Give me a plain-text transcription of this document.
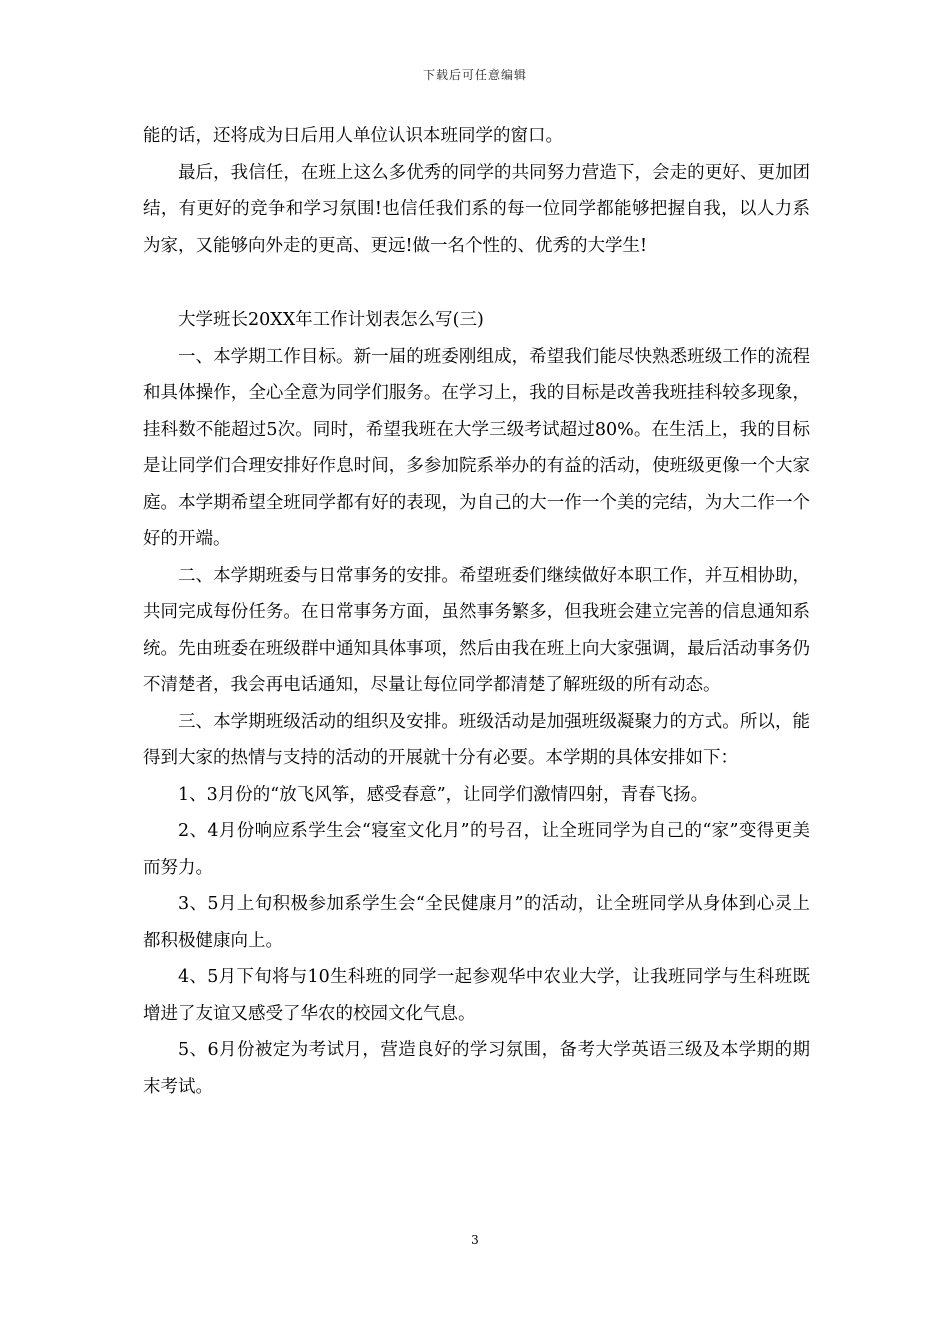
下载后可任意编辑

能的话，还将成为日后用人单位认识本班同学的窗口。

最后，我信任，在班上这么多优秀的同学的共同努力营造下，会走的更好、更加团结，有更好的竞争和学习氛围!也信任我们系的每一位同学都能够把握自我，以人力系为家，又能够向外走的更高、更远!做一名个性的、优秀的大学生!

大学班长20XX年工作计划表怎么写(三)

一、本学期工作目标。新一届的班委刚组成，希望我们能尽快熟悉班级工作的流程和具体操作，全心全意为同学们服务。在学习上，我的目标是改善我班挂科较多现象，挂科数不能超过5次。同时，希望我班在大学三级考试超过80%。在生活上，我的目标是让同学们合理安排好作息时间，多参加院系举办的有益的活动，使班级更像一个大家庭。本学期希望全班同学都有好的表现，为自己的大一作一个美的完结，为大二作一个好的开端。

二、本学期班委与日常事务的安排。希望班委们继续做好本职工作，并互相协助，共同完成每份任务。在日常事务方面，虽然事务繁多，但我班会建立完善的信息通知系统。先由班委在班级群中通知具体事项，然后由我在班上向大家强调，最后活动事务仍不清楚者，我会再电话通知，尽量让每位同学都清楚了解班级的所有动态。

三、本学期班级活动的组织及安排。班级活动是加强班级凝聚力的方式。所以，能得到大家的热情与支持的活动的开展就十分有必要。本学期的具体安排如下：

1、3月份的“放飞风筝，感受春意”，让同学们激情四射，青春飞扬。

2、4月份响应系学生会“寝室文化月”的号召，让全班同学为自己的“家”变得更美而努力。

3、5月上旬积极参加系学生会“全民健康月”的活动，让全班同学从身体到心灵上都积极健康向上。

4、5月下旬将与10生科班的同学一起参观华中农业大学，让我班同学与生科班既增进了友谊又感受了华农的校园文化气息。

5、6月份被定为考试月，营造良好的学习氛围，备考大学英语三级及本学期的期末考试。

3
